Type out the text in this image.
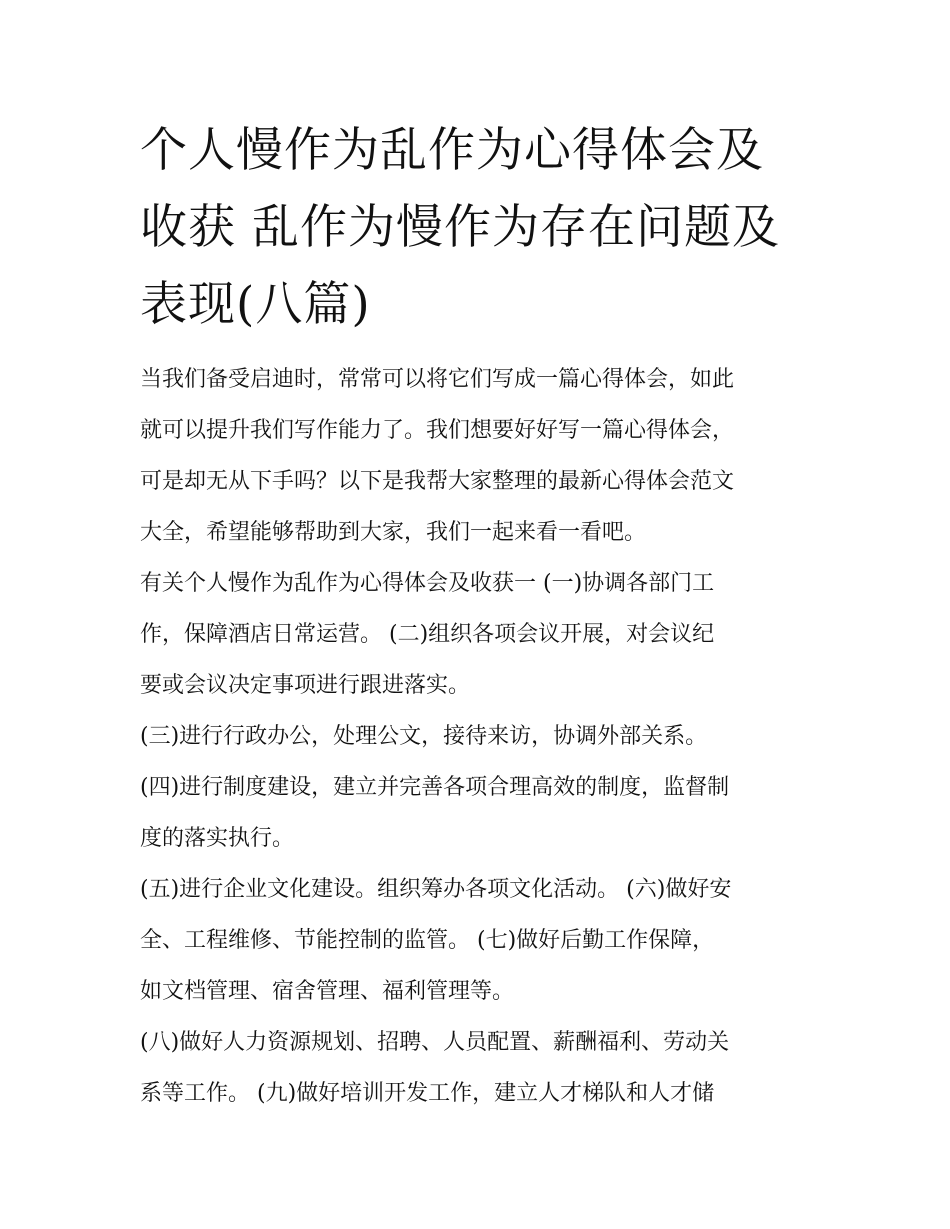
个人慢作为乱作为心得体会及
收获 乱作为慢作为存在问题及
表现(八篇)
当我们备受启迪时，常常可以将它们写成一篇心得体会，如此
就可以提升我们写作能力了。我们想要好好写一篇心得体会，
可是却无从下手吗？以下是我帮大家整理的最新心得体会范文
大全，希望能够帮助到大家，我们一起来看一看吧。
有关个人慢作为乱作为心得体会及收获一 (一)协调各部门工
作，保障酒店日常运营。 (二)组织各项会议开展，对会议纪
要或会议决定事项进行跟进落实。
(三)进行行政办公，处理公文，接待来访，协调外部关系。
(四)进行制度建设，建立并完善各项合理高效的制度，监督制
度的落实执行。
(五)进行企业文化建设。组织筹办各项文化活动。 (六)做好安
全、工程维修、节能控制的监管。 (七)做好后勤工作保障，
如文档管理、宿舍管理、福利管理等。
(八)做好人力资源规划、招聘、人员配置、薪酬福利、劳动关
系等工作。 (九)做好培训开发工作，建立人才梯队和人才储
